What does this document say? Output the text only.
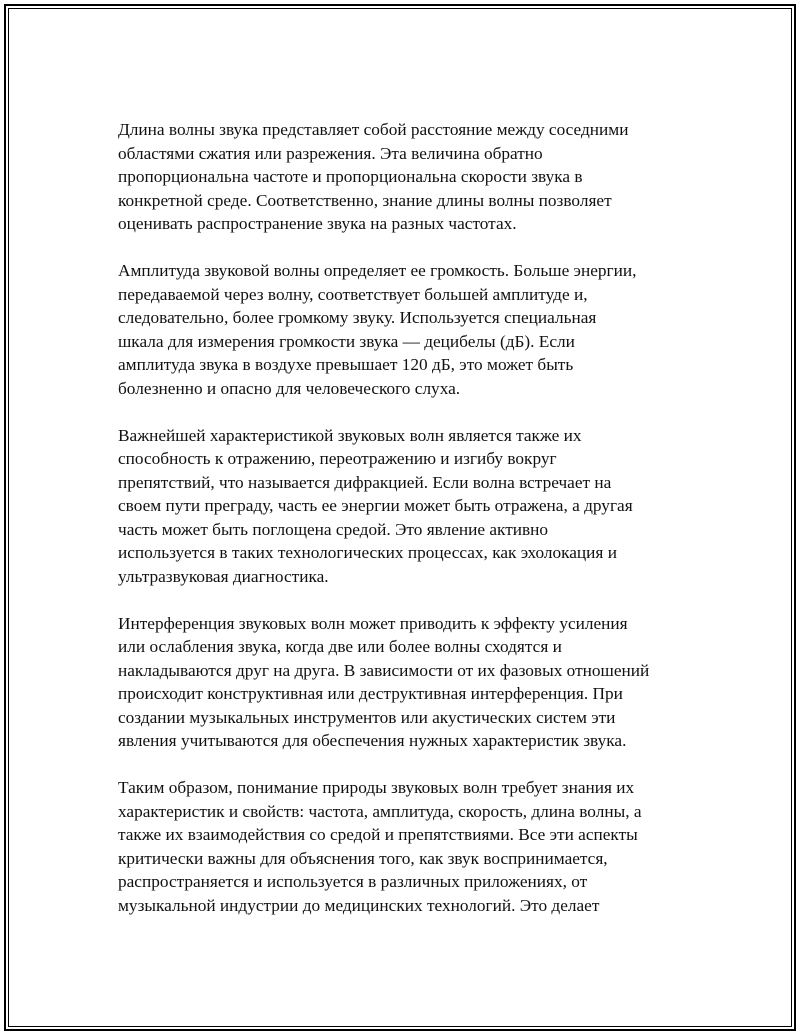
Длина волны звука представляет собой расстояние между соседними
областями сжатия или разрежения. Эта величина обратно
пропорциональна частоте и пропорциональна скорости звука в
конкретной среде. Соответственно, знание длины волны позволяет
оценивать распространение звука на разных частотах.

Амплитуда звуковой волны определяет ее громкость. Больше энергии,
передаваемой через волну, соответствует большей амплитуде и,
следовательно, более громкому звуку. Используется специальная
шкала для измерения громкости звука — децибелы (дБ). Если
амплитуда звука в воздухе превышает 120 дБ, это может быть
болезненно и опасно для человеческого слуха.

Важнейшей характеристикой звуковых волн является также их
способность к отражению, переотражению и изгибу вокруг
препятствий, что называется дифракцией. Если волна встречает на
своем пути преграду, часть ее энергии может быть отражена, а другая
часть может быть поглощена средой. Это явление активно
используется в таких технологических процессах, как эхолокация и
ультразвуковая диагностика.

Интерференция звуковых волн может приводить к эффекту усиления
или ослабления звука, когда две или более волны сходятся и
накладываются друг на друга. В зависимости от их фазовых отношений
происходит конструктивная или деструктивная интерференция. При
создании музыкальных инструментов или акустических систем эти
явления учитываются для обеспечения нужных характеристик звука.

Таким образом, понимание природы звуковых волн требует знания их
характеристик и свойств: частота, амплитуда, скорость, длина волны, а
также их взаимодействия со средой и препятствиями. Все эти аспекты
критически важны для объяснения того, как звук воспринимается,
распространяется и используется в различных приложениях, от
музыкальной индустрии до медицинских технологий. Это делает
